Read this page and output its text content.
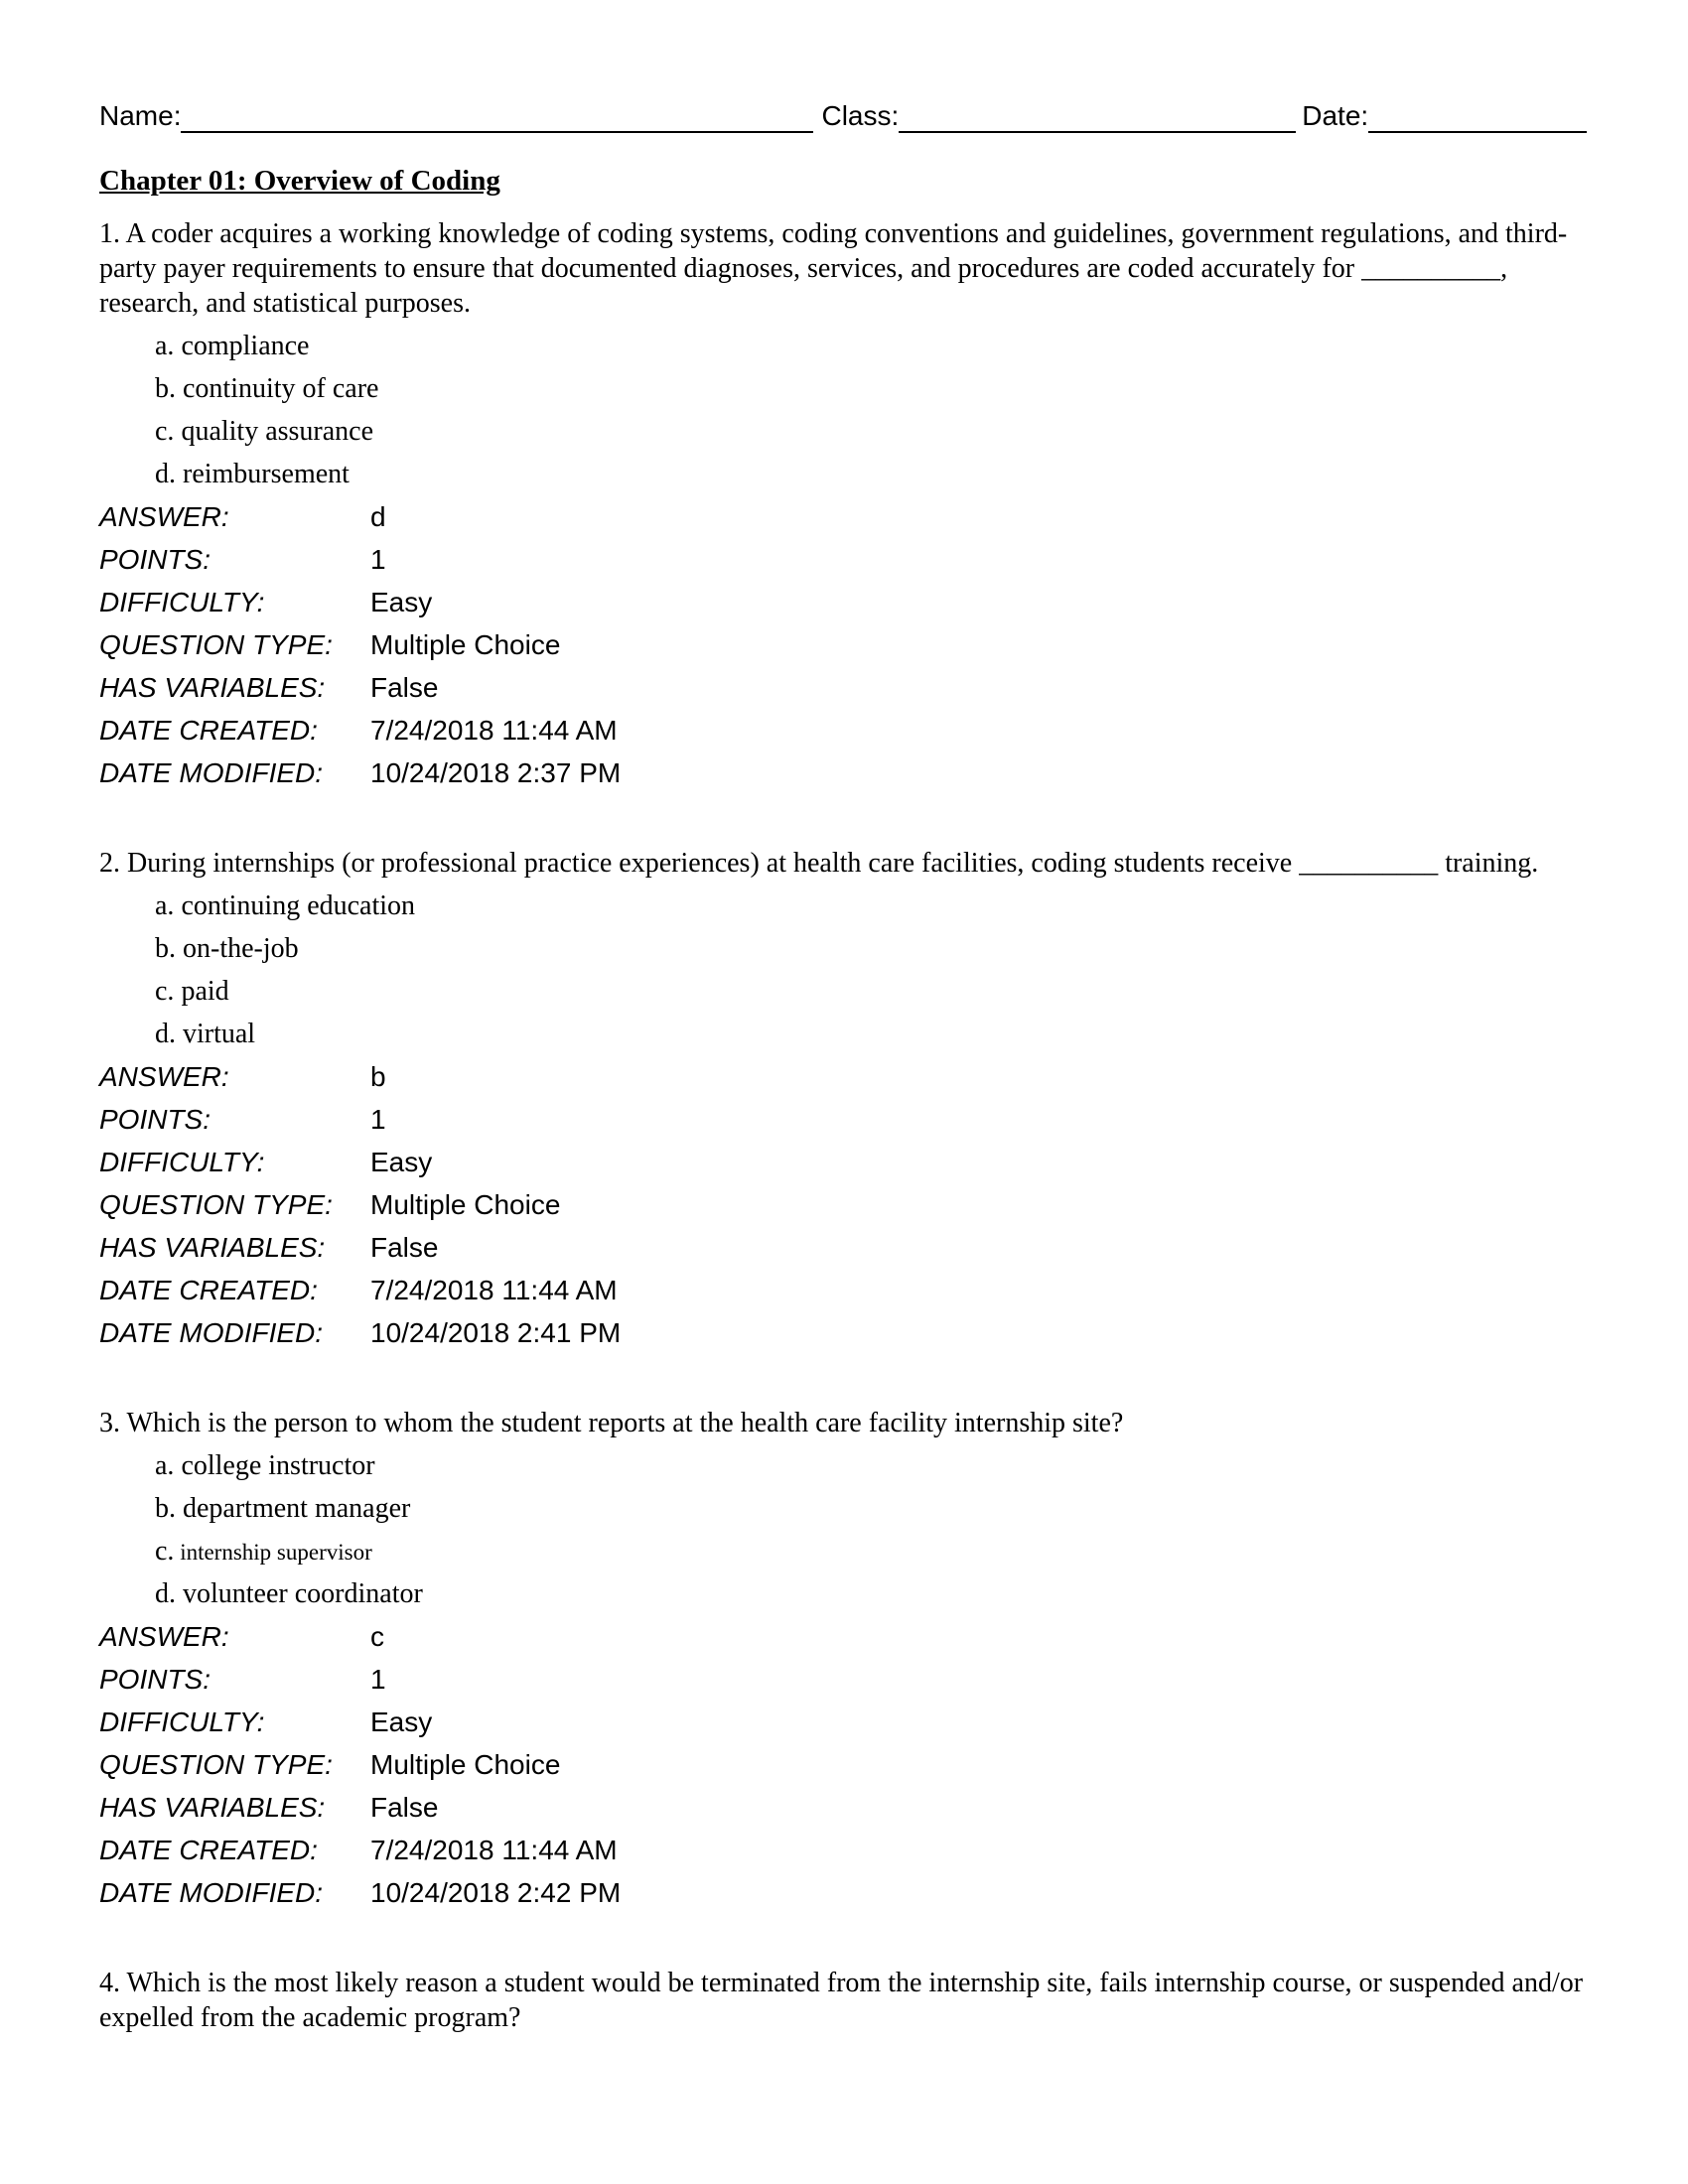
Name:	Class:	Date:
Chapter 01: Overview of Coding

1. A coder acquires a working knowledge of coding systems, coding conventions and guidelines, government regulations, and third-party payer requirements to ensure that documented diagnoses, services, and procedures are coded accurately for __________, research, and statistical purposes.

a. compliance
b. continuity of care
c. quality assurance
d. reimbursement
ANSWER:	d
POINTS:	1
DIFFICULTY:	Easy
QUESTION TYPE:	Multiple Choice
HAS VARIABLES:	False
DATE CREATED:	7/24/2018 11:44 AM
DATE MODIFIED:	10/24/2018 2:37 PM

2. During internships (or professional practice experiences) at health care facilities, coding students receive __________ training.

a. continuing education
b. on-the-job
c. paid
d. virtual
ANSWER:	b
POINTS:	1
DIFFICULTY:	Easy
QUESTION TYPE:	Multiple Choice
HAS VARIABLES:	False
DATE CREATED:	7/24/2018 11:44 AM
DATE MODIFIED:	10/24/2018 2:41 PM

3. Which is the person to whom the student reports at the health care facility internship site?

a. college instructor
b. department manager
c. internship supervisor
d. volunteer coordinator
ANSWER:	c
POINTS:	1
DIFFICULTY:	Easy
QUESTION TYPE:	Multiple Choice
HAS VARIABLES:	False
DATE CREATED:	7/24/2018 11:44 AM
DATE MODIFIED:	10/24/2018 2:42 PM

4. Which is the most likely reason a student would be terminated from the internship site, fails internship course, or suspended and/or expelled from the academic program?
